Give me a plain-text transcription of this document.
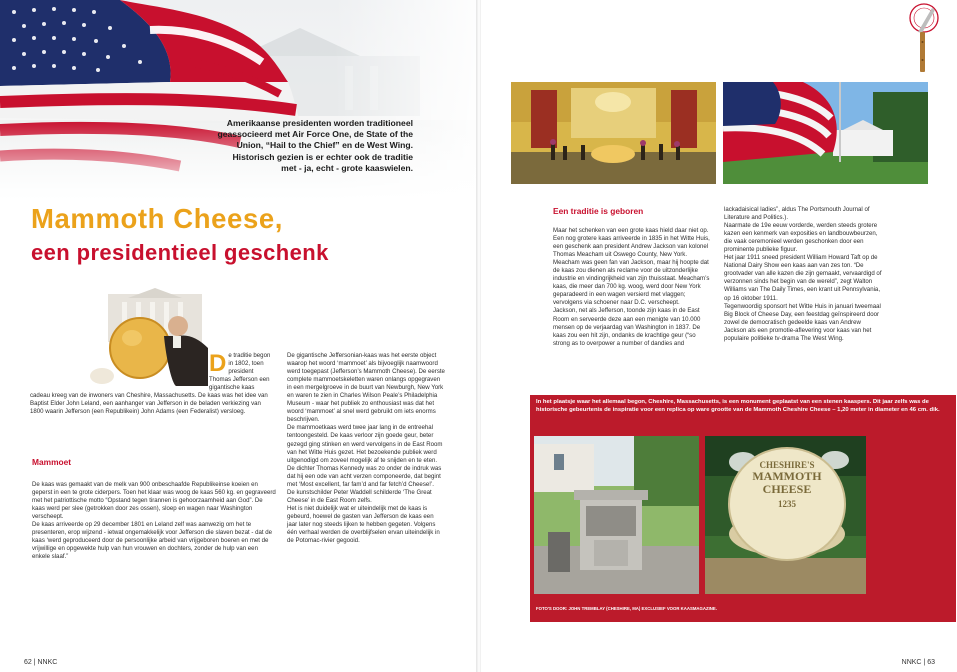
Amerikaanse presidenten worden traditioneel geassocieerd met Air Force One, de State of the Union, “Hail to the Chief” en de West Wing. Historisch gezien is er echter ook de traditie met - ja, echt - grote kaaswielen.
Mammoth Cheese,
een presidentieel geschenk
D e traditie begon in 1802, toen president Thomas Jefferson een gigantische kaas cadeau kreeg van de inwoners van Cheshire, Massachusetts. De kaas was het idee van Baptist Elder John Leland, een aanhanger van Jefferson in de beladen verkiezing van 1800 waarin Jefferson (een Republikein) John Adams (een Federalist) versloeg.
Mammoet

De kaas was gemaakt van de melk van 900 onbeschaafde Republikeinse koeien en geperst in een te grote ciderpers. Toen het klaar was woog de kaas 560 kg. en gegraveerd met het patriottische motto “Opstand tegen tirannen is gehoorzaamheid aan God”. De kaas werd per slee (getrokken door zes ossen), sloep en wagen naar Washington verscheept.

De kaas arriveerde op 29 december 1801 en Leland zelf was aanwezig om het te presenteren, erop wijzend - ietwat ongemakkelijk voor Jefferson die slaven bezat - dat de kaas ‘werd geproduceerd door de persoonlijke arbeid van vrijgeboren boeren en met de vrijwillige en opgewekte hulp van hun vrouwen en dochters, zonder de hulp van een enkele slaaf.”

De gigantische Jeffersonian-kaas was het eerste object waarop het woord ‘mammoet’ als bijvoeglijk naamwoord werd toegepast (Jefferson’s Mammoth Cheese). De eerste complete mammoetskeletten waren onlangs opgegraven in een mergelgroeve in de buurt van Newburgh, New York en waren te zien in Charles Wilson Peale’s Philadelphia Museum - waar het publiek zo enthousiast was dat het woord ‘mammoet’ al snel werd gebruikt om iets enorms beschrijven.

De mammoetkaas werd twee jaar lang in de entreehal tentoongesteld. De kaas verloor zijn goede geur, beter gezegd ging stinken en werd vervolgens in de East Room van het Witte Huis gezet. Het bezoekende publiek werd uitgenodigd om zoveel mogelijk af te snijden en te eten.

De dichter Thomas Kennedy was zo onder de indruk was dat hij een ode van acht verzen componeerde, dat begint met ‘Most excellent, far fam’d and far fetch’d Cheese!’.

De kunstschilder Peter Waddell schilderde ‘The Great Cheese’ in de East Room zelfs.

Het is niet duidelijk wat er uiteindelijk met de kaas is gebeurd, hoewel de gasten van Jefferson de kaas een jaar later nog steeds lijken te hebben gegeten. Volgens één verhaal werden de overblijfselen ervan uiteindelijk in de Potomac-rivier gegooid.

62 | NNKC
Een traditie is geboren

Maar het schenken van een grote kaas hield daar niet op. Een nog grotere kaas arriveerde in 1835 in het Witte Huis, een geschenk aan president Andrew Jackson van kolonel Thomas Meacham uit Oswego County, New York.

Meacham was geen fan van Jackson, maar hij hoopte dat de kaas zou dienen als reclame voor de uitzonderlijke industrie en vindingrijkheid van zijn thuisstaat. Meacham’s kaas, die meer dan 700 kg. woog, werd door New York geparadeerd in een wagen versierd met vlaggen; vervolgens via schoener naar D.C. verscheept.

Jackson, net als Jefferson, toonde zijn kaas in de East Room en serveerde deze aan een menigte van 10.000 mensen op de verjaardag van Washington in 1837. De kaas zou een hit zijn, ondanks de krachtige geur (“so strong as to overpower a number of dandies and

lackadaisical ladies”, aldus The Portsmouth Journal of Literature and Politics.).

Naarmate de 19e eeuw vorderde, werden steeds grotere kazen een kenmerk van exposities en landbouwbeurzen, die vaak ceremonieel werden geschonken door een prominente publieke figuur.

Het jaar 1911 sneed president William Howard Taft op de National Dairy Show een kaas aan van zes ton. “De grootvader van alle kazen die zijn gemaakt, vervaardigd of verzonnen sinds het begin van de wereld”, zegt Walton Williams van The Daily Times, een krant uit Pennsylvania, op 16 oktober 1911.

Tegenwoordig sponsort het Witte Huis in januari tweemaal Big Block of Cheese Day, een feestdag geïnspireerd door zowel de democratisch gedeelde kaas van Andrew Jackson als een promotie-aflevering voor kaas van het populaire politieke tv-drama The West Wing.

In het plaatsje waar het allemaal begon, Cheshire, Massachusetts, is een monument geplaatst van een stenen kaaspers. Dit jaar zelfs was de historische gebeurtenis de inspiratie voor een replica op ware grootte van de Mammoth Cheshire Cheese – 1,20 meter in diameter en 46 cm. dik.
CHESHIRE'S
MAMMOTH
CHEESE
1235
FOTO'S DOOR: JOHN TREMBLAY (CHESHIRE, MA) EXCLUSIEF VOOR KAASMAGAZINE.
NNKC | 63
